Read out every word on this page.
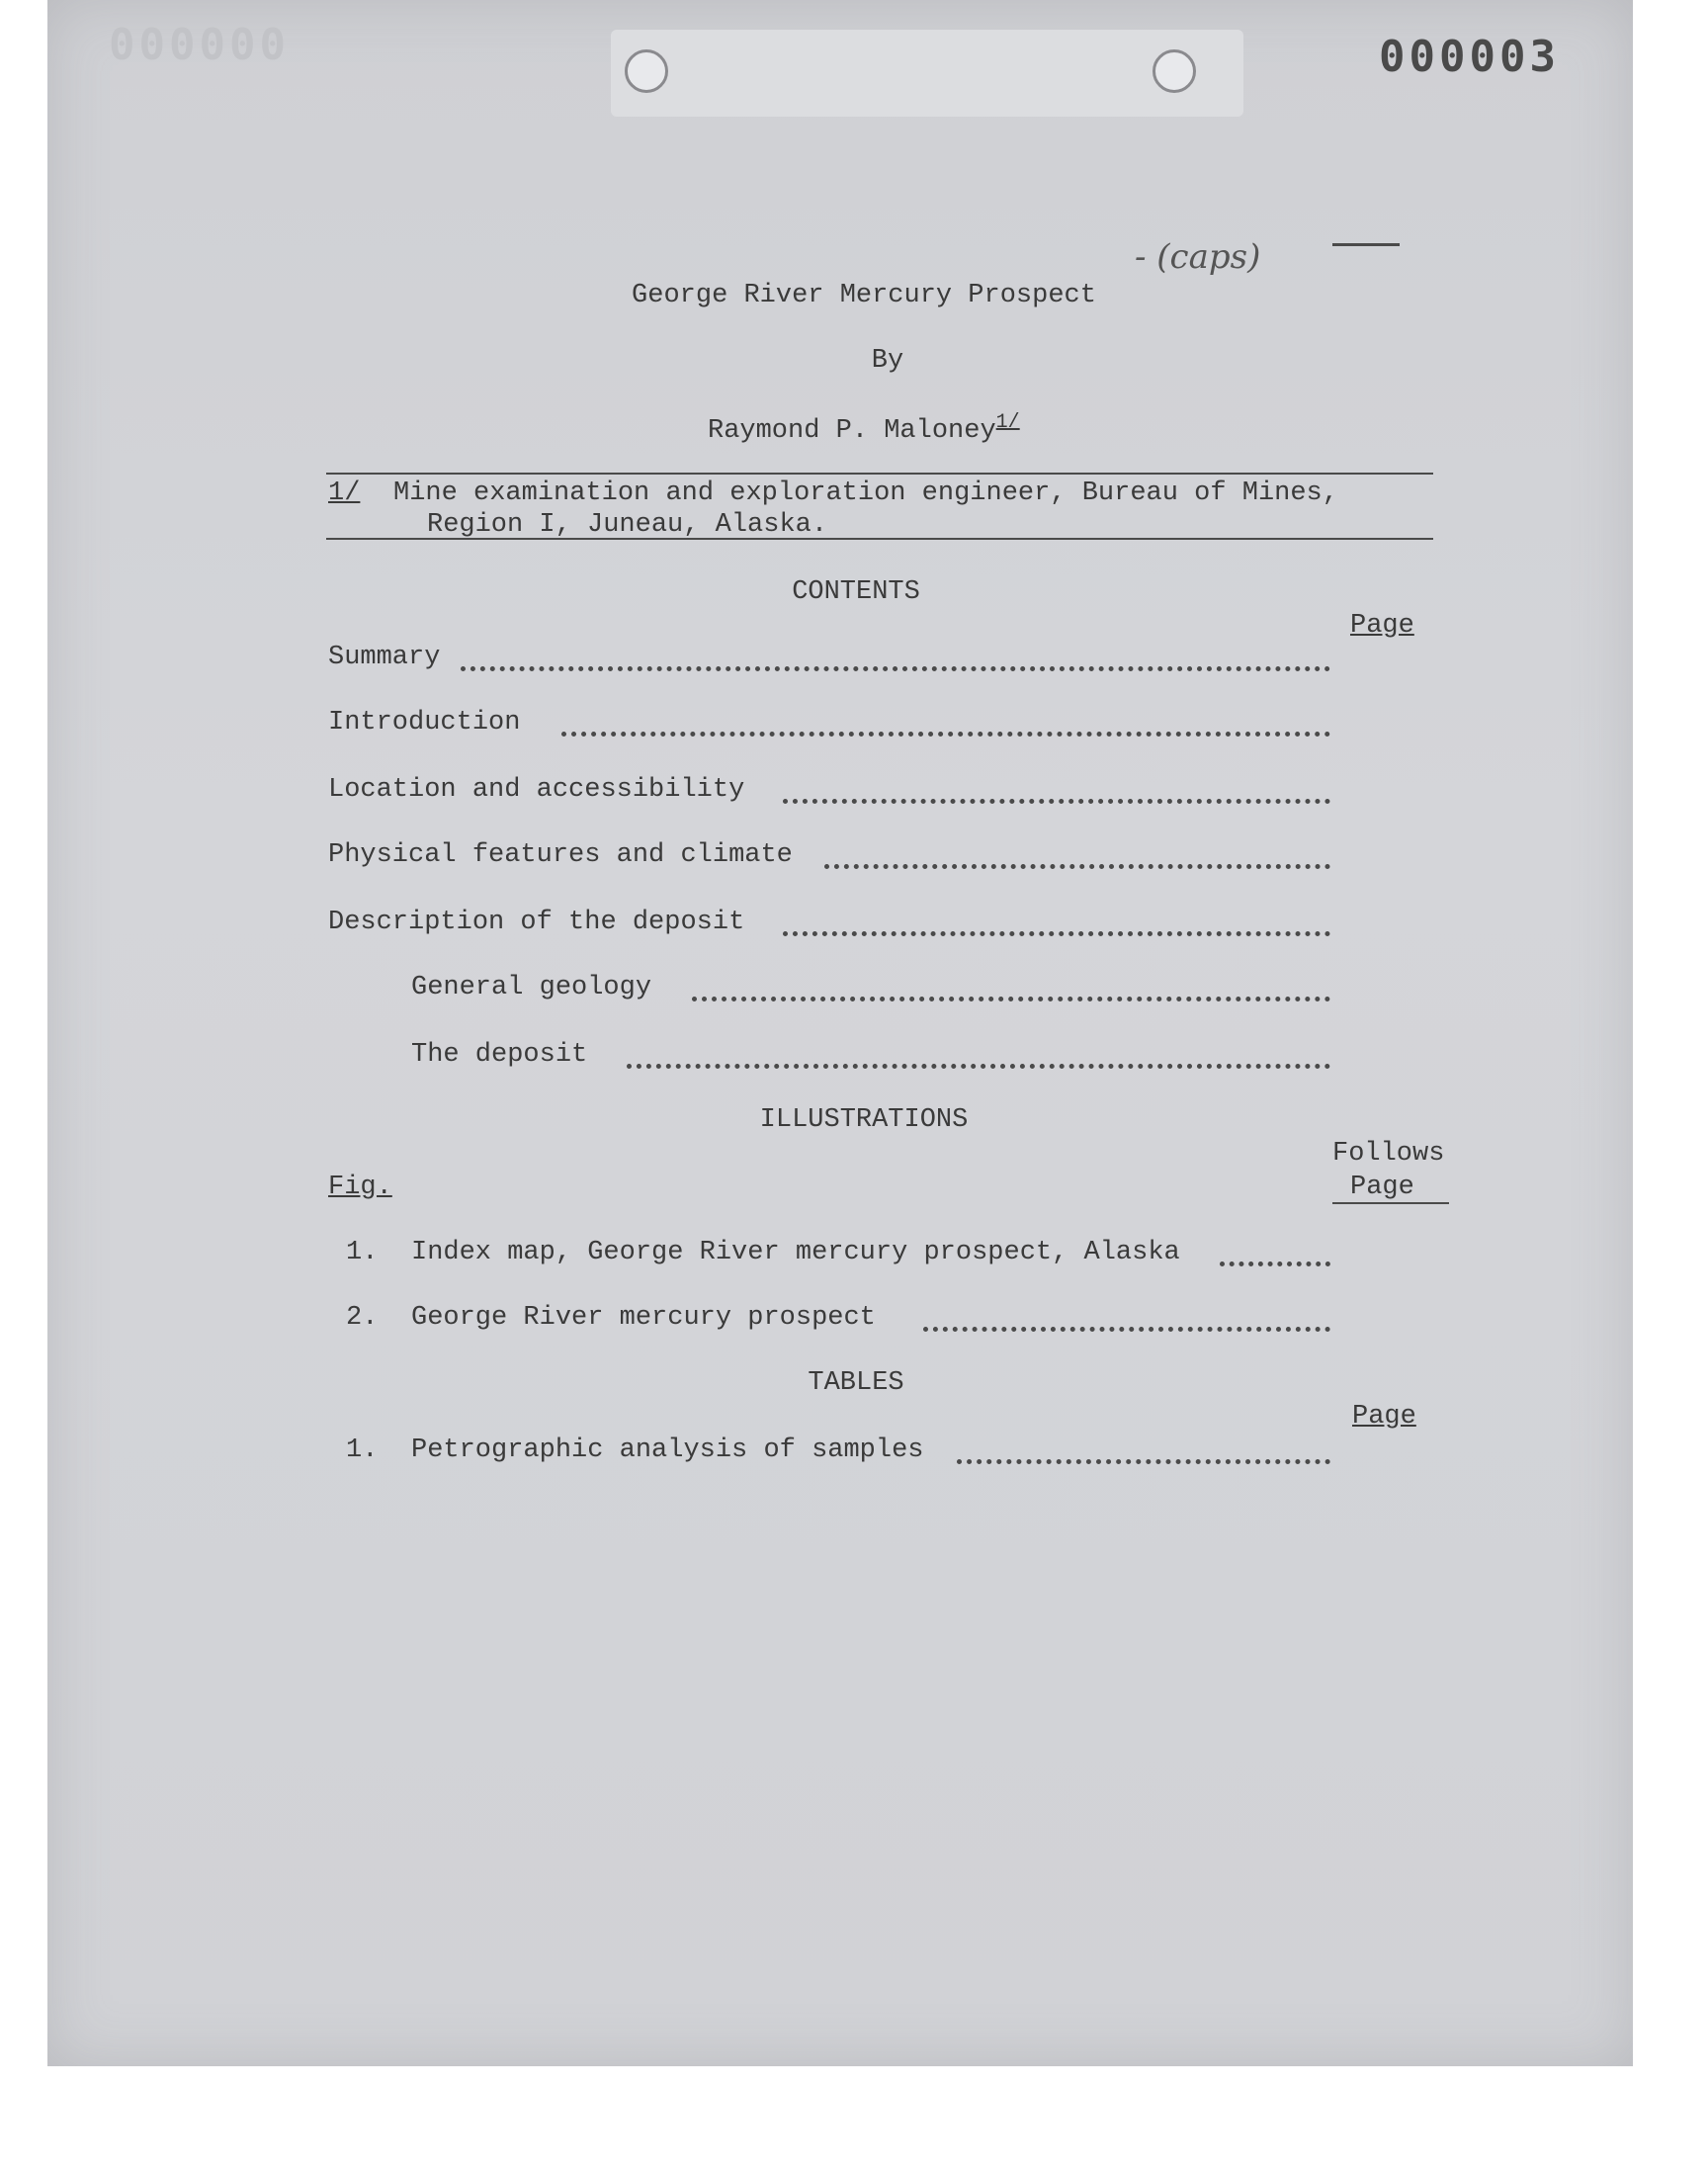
000000	000003
George River Mercury Prospect
- (caps)
By
Raymond P. Maloney$^{1/}$
1/ Mine examination and exploration engineer, Bureau of Mines,
Region I, Juneau, Alaska.
CONTENTS
Page
Summary
Introduction
Location and accessibility
Physical features and climate
Description of the deposit
General geology
The deposit
ILLUSTRATIONS
Follows
Fig.	Page
1. Index map, George River mercury prospect, Alaska
2. George River mercury prospect
TABLES
Page
1. Petrographic analysis of samples
